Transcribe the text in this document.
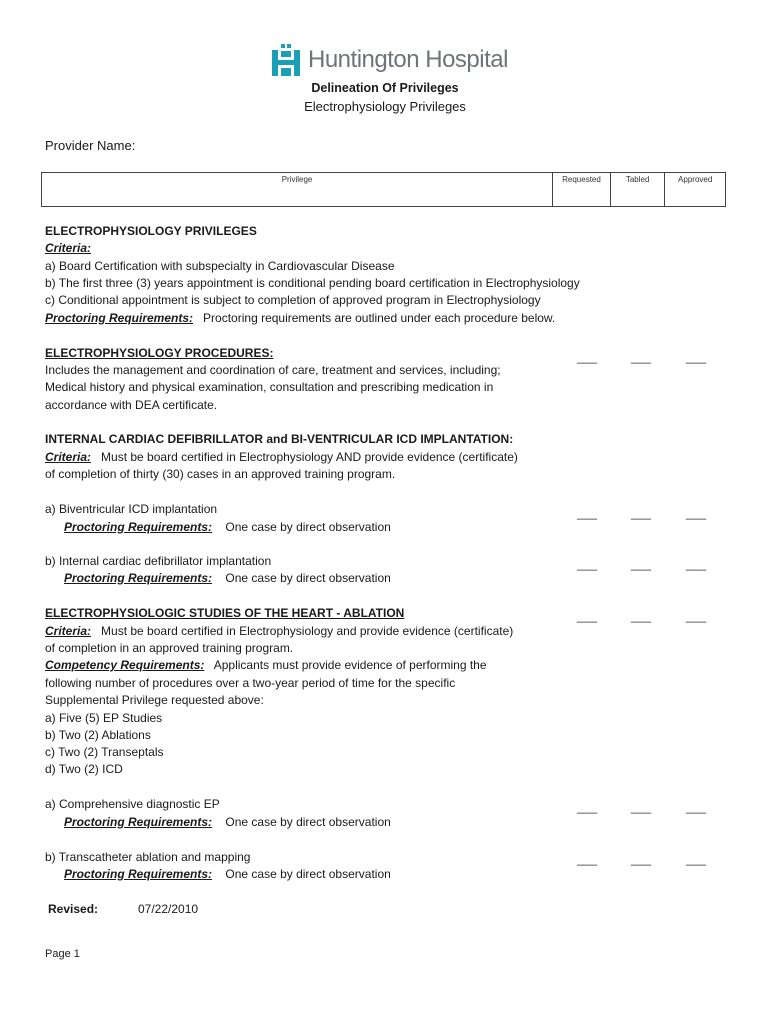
Huntington Hospital
Delineation Of Privileges
Electrophysiology Privileges
Provider Name:
Privilege	Requested	Tabled	Approved
ELECTROPHYSIOLOGY PRIVILEGES
Criteria:
a) Board Certification with subspecialty in Cardiovascular Disease
b) The first three (3) years appointment is conditional pending board certification in Electrophysiology
c) Conditional appointment is subject to completion of approved program in Electrophysiology
Proctoring Requirements: Proctoring requirements are outlined under each procedure below.
ELECTROPHYSIOLOGY PROCEDURES:
Includes the management and coordination of care, treatment and services, including;
Medical history and physical examination, consultation and prescribing medication in
accordance with DEA certificate.
___	___	___
INTERNAL CARDIAC DEFIBRILLATOR and BI-VENTRICULAR ICD IMPLANTATION:
Criteria: Must be board certified in Electrophysiology AND provide evidence (certificate)
of completion of thirty (30) cases in an approved training program.
a) Biventricular ICD implantation
Proctoring Requirements: One case by direct observation
___	___	___
b) Internal cardiac defibrillator implantation
Proctoring Requirements: One case by direct observation
___	___	___
ELECTROPHYSIOLOGIC STUDIES OF THE HEART - ABLATION	___	___	___
Criteria: Must be board certified in Electrophysiology and provide evidence (certificate)
of completion in an approved training program.
Competency Requirements: Applicants must provide evidence of performing the
following number of procedures over a two-year period of time for the specific
Supplemental Privilege requested above:
a) Five (5) EP Studies
b) Two (2) Ablations
c) Two (2) Transeptals
d) Two (2) ICD
a) Comprehensive diagnostic EP
Proctoring Requirements: One case by direct observation
___	___	___
b) Transcatheter ablation and mapping
Proctoring Requirements: One case by direct observation
___	___	___
Revised:	07/22/2010
Page 1
